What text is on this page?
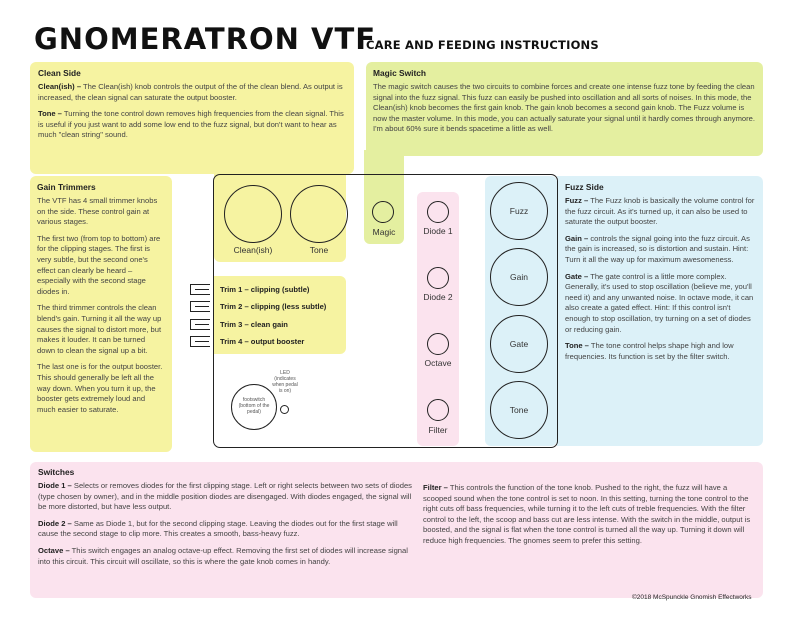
GNOMERATRON VTF
CARE AND FEEDING INSTRUCTIONS
Clean Side
Clean(ish) – The Clean(ish) knob controls the output of the of the clean blend. As output is increased, the clean signal can saturate the output booster.
Tone – Turning the tone control down removes high frequencies from the clean signal. This is useful if you just want to add some low end to the fuzz signal, but don't want to hear as much "clean string" sound.
Magic Switch
The magic switch causes the two circuits to combine forces and create one intense fuzz tone by feeding the clean signal into the fuzz signal. This fuzz can easily be pushed into oscillation and all sorts of noises. In this mode, the Clean(ish) knob becomes the first gain knob. The gain knob becomes a second gain knob. The Fuzz volume is now the master volume. In this mode, you can actually saturate your signal until it hardly comes through anymore. I'm about 60% sure it bends spacetime a little as well.
Gain Trimmers
The VTF has 4 small trimmer knobs on the side. These control gain at various stages.
The first two (from top to bottom) are for the clipping stages. The first is very subtle, but the second one's effect can clearly be heard – especially with the second stage diodes in.
The third trimmer controls the clean blend's gain. Turning it all the way up causes the signal to distort more, but makes it louder. It can be turned down to clean the signal up a bit.
The last one is for the output booster. This should generally be left all the way down. When you turn it up, the booster gets extremely loud and much easier to saturate.
Fuzz Side
Fuzz – The Fuzz knob is basically the volume control for the fuzz circuit. As it's turned up, it can also be used to saturate the output booster.
Gain – controls the signal going into the fuzz circuit. As the gain is increased, so is distortion and sustain. Hint: Turn it all the way up for maximum awesomeness.
Gate – The gate control is a little more complex. Generally, it's used to stop oscillation (believe me, you'll need it) and any unwanted noise. In octave mode, it can also create a gated effect. Hint: If this control isn't enough to stop oscillation, try turning on a set of diodes or reducing gain.
Tone – The tone control helps shape high and low frequencies. Its function is set by the filter switch.
Switches
Diode 1 – Selects or removes diodes for the first clipping stage. Left or right selects between two sets of diodes (type chosen by owner), and in the middle position diodes are disengaged. With diodes engaged, the signal will be more distorted, but have less output.
Diode 2 – Same as Diode 1, but for the second clipping stage. Leaving the diodes out for the first stage will cause the second stage to clip more. This creates a smooth, bass-heavy fuzz.
Octave – This switch engages an analog octave-up effect. Removing the first set of diodes will increase signal into this circuit. This circuit will oscillate, so this is where the gate knob comes in handy.
Filter – This controls the function of the tone knob. Pushed to the right, the fuzz will have a scooped sound when the tone control is set to noon. In this setting, turning the tone control to the right cuts off bass frequencies, while turning it to the left cuts of treble frequencies. With the filter control to the left, the scoop and bass cut are less intense. With the switch in the middle, output is boosted, and the signal is flat when the tone control is turned all the way up. Turning it down will reduce high frequencies. The gnomes seem to prefer this setting.
Clean(ish)	Tone
Magic	Diode 1
Diode 2
Octave
Filter
Fuzz
Gain
Gate
Tone
Trim 1 – clipping (subtle)
Trim 2 – clipping (less subtle)
Trim 3 – clean gain
Trim 4 – output booster
footswitch (bottom of the pedal)
LED (indicates when pedal is on)
©2018 McSpunckle Gnomish Effectworks
